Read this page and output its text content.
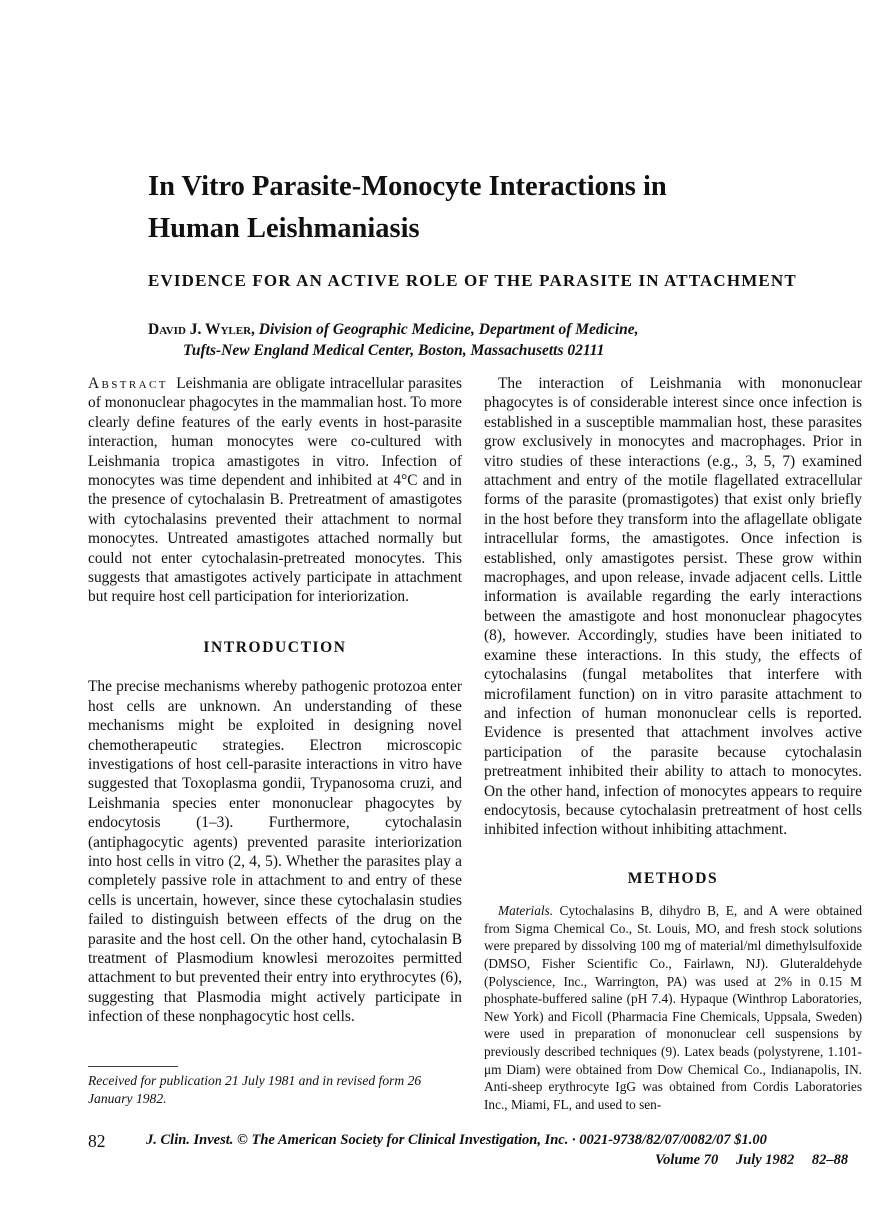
In Vitro Parasite-Monocyte Interactions in
Human Leishmaniasis
EVIDENCE FOR AN ACTIVE ROLE OF THE PARASITE IN ATTACHMENT

David J. Wyler, Division of Geographic Medicine, Department of Medicine,
Tufts-New England Medical Center, Boston, Massachusetts 02111

Abstract Leishmania are obligate intracellular parasites of mononuclear phagocytes in the mammalian host. To more clearly define features of the early events in host-parasite interaction, human monocytes were co-cultured with Leishmania tropica amastigotes in vitro. Infection of monocytes was time dependent and inhibited at 4°C and in the presence of cytochalasin B. Pretreatment of amastigotes with cytochalasins prevented their attachment to normal monocytes. Untreated amastigotes attached normally but could not enter cytochalasin-pretreated monocytes. This suggests that amastigotes actively participate in attachment but require host cell participation for interiorization.

INTRODUCTION

The precise mechanisms whereby pathogenic protozoa enter host cells are unknown. An understanding of these mechanisms might be exploited in designing novel chemotherapeutic strategies. Electron microscopic investigations of host cell-parasite interactions in vitro have suggested that Toxoplasma gondii, Trypanosoma cruzi, and Leishmania species enter mononuclear phagocytes by endocytosis (1–3). Furthermore, cytochalasin (antiphagocytic agents) prevented parasite interiorization into host cells in vitro (2, 4, 5). Whether the parasites play a completely passive role in attachment to and entry of these cells is uncertain, however, since these cytochalasin studies failed to distinguish between effects of the drug on the parasite and the host cell. On the other hand, cytochalasin B treatment of Plasmodium knowlesi merozoites permitted attachment to but prevented their entry into erythrocytes (6), suggesting that Plasmodia might actively participate in infection of these nonphagocytic host cells.

Received for publication 21 July 1981 and in revised form 26 January 1982.

The interaction of Leishmania with mononuclear phagocytes is of considerable interest since once infection is established in a susceptible mammalian host, these parasites grow exclusively in monocytes and macrophages. Prior in vitro studies of these interactions (e.g., 3, 5, 7) examined attachment and entry of the motile flagellated extracellular forms of the parasite (promastigotes) that exist only briefly in the host before they transform into the aflagellate obligate intracellular forms, the amastigotes. Once infection is established, only amastigotes persist. These grow within macrophages, and upon release, invade adjacent cells. Little information is available regarding the early interactions between the amastigote and host mononuclear phagocytes (8), however. Accordingly, studies have been initiated to examine these interactions. In this study, the effects of cytochalasins (fungal metabolites that interfere with microfilament function) on in vitro parasite attachment to and infection of human mononuclear cells is reported. Evidence is presented that attachment involves active participation of the parasite because cytochalasin pretreatment inhibited their ability to attach to monocytes. On the other hand, infection of monocytes appears to require endocytosis, because cytochalasin pretreatment of host cells inhibited infection without inhibiting attachment.

METHODS

Materials. Cytochalasins B, dihydro B, E, and A were obtained from Sigma Chemical Co., St. Louis, MO, and fresh stock solutions were prepared by dissolving 100 mg of material/ml dimethylsulfoxide (DMSO, Fisher Scientific Co., Fairlawn, NJ). Gluteraldehyde (Polyscience, Inc., Warrington, PA) was used at 2% in 0.15 M phosphate-buffered saline (pH 7.4). Hypaque (Winthrop Laboratories, New York) and Ficoll (Pharmacia Fine Chemicals, Uppsala, Sweden) were used in preparation of mononuclear cell suspensions by previously described techniques (9). Latex beads (polystyrene, 1.101-μm Diam) were obtained from Dow Chemical Co., Indianapolis, IN. Anti-sheep erythrocyte IgG was obtained from Cordis Laboratories Inc., Miami, FL, and used to sen-

82	J. Clin. Invest. © The American Society for Clinical Investigation, Inc. · 0021-9738/82/07/0082/07 $1.00
Volume 70 July 1982 82–88
